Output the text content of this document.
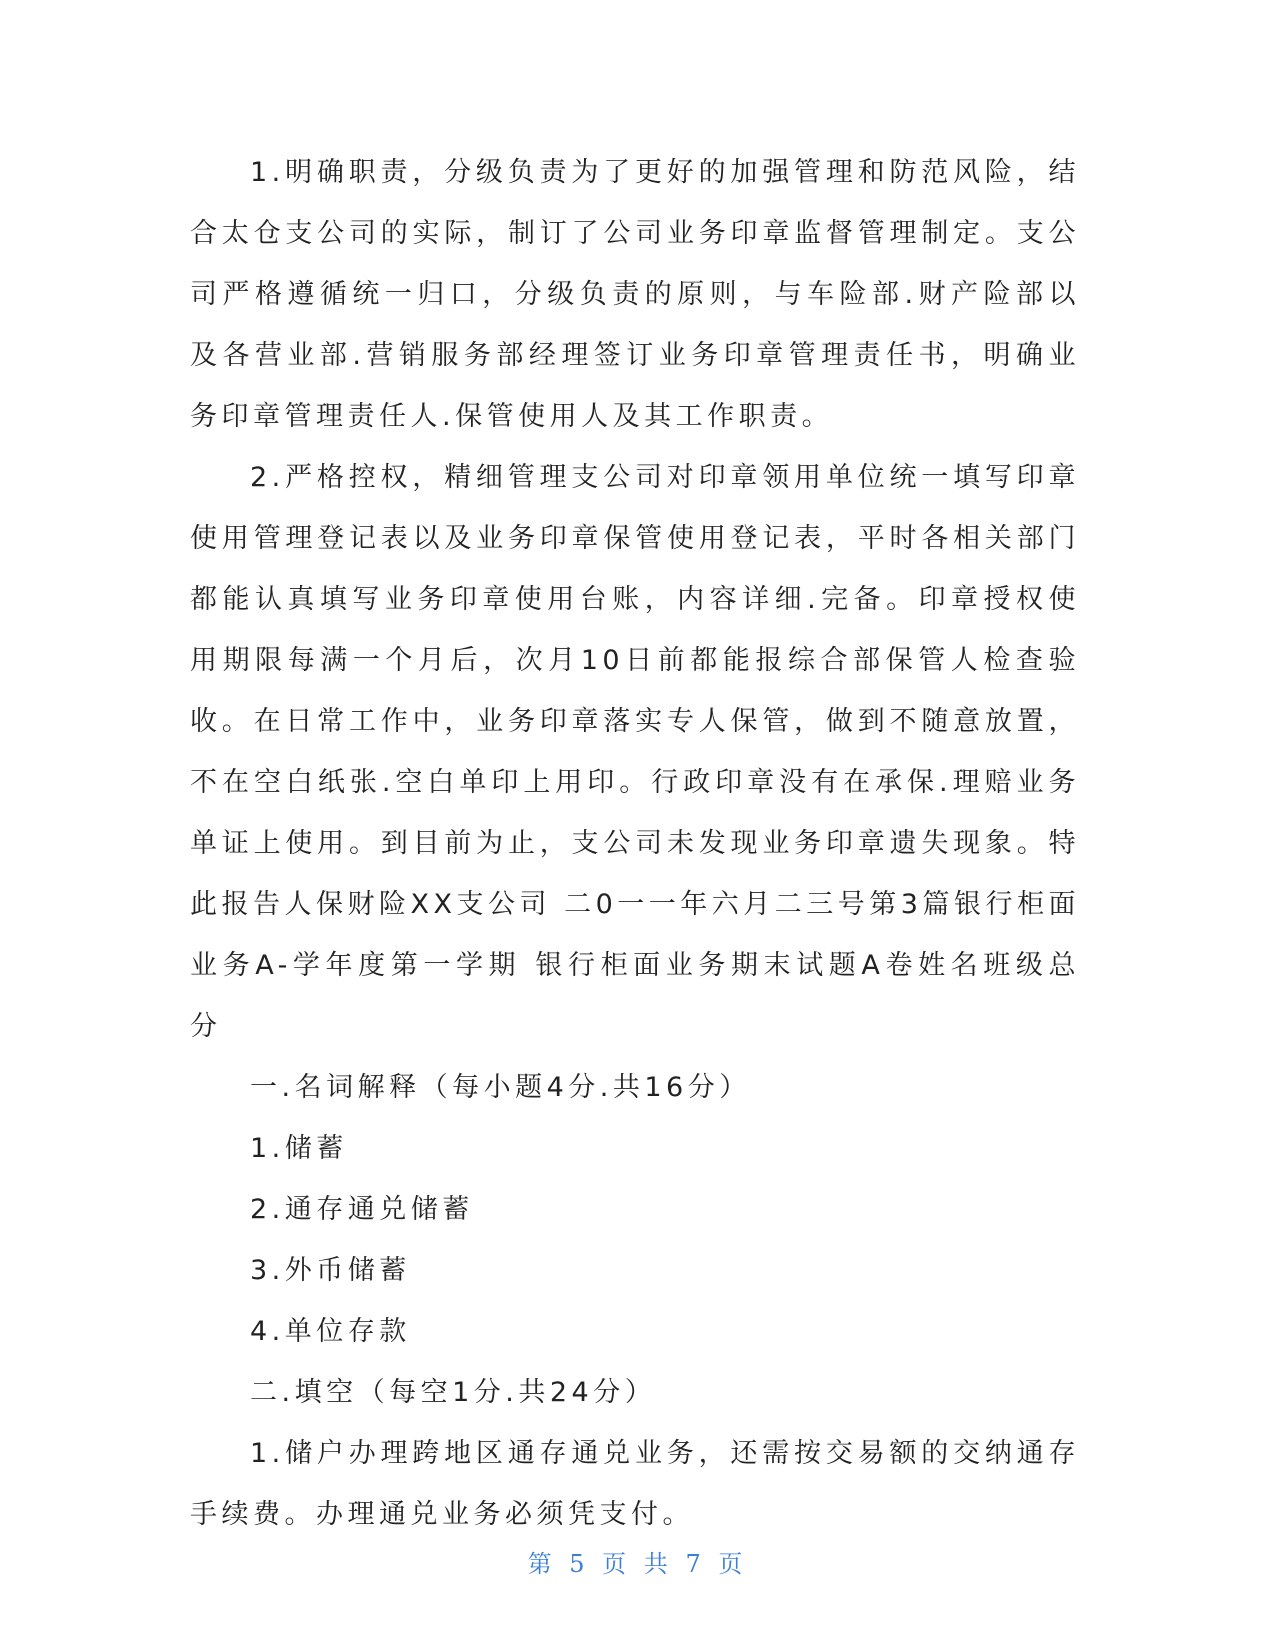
1.明确职责，分级负责为了更好的加强管理和防范风险，结合太仓支公司的实际，制订了公司业务印章监督管理制定。支公司严格遵循统一归口，分级负责的原则，与车险部.财产险部以及各营业部.营销服务部经理签订业务印章管理责任书，明确业务印章管理责任人.保管使用人及其工作职责。

2.严格控权，精细管理支公司对印章领用单位统一填写印章使用管理登记表以及业务印章保管使用登记表，平时各相关部门都能认真填写业务印章使用台账，内容详细.完备。印章授权使用期限每满一个月后，次月10日前都能报综合部保管人检查验收。在日常工作中，业务印章落实专人保管，做到不随意放置，不在空白纸张.空白单印上用印。行政印章没有在承保.理赔业务单证上使用。到目前为止，支公司未发现业务印章遗失现象。特此报告人保财险XX支公司 二0一一年六月二三号第3篇银行柜面业务A-学年度第一学期 银行柜面业务期末试题A卷姓名班级总分

一.名词解释（每小题4分.共16分）

1.储蓄

2.通存通兑储蓄

3.外币储蓄

4.单位存款

二.填空（每空1分.共24分）

1.储户办理跨地区通存通兑业务，还需按交易额的交纳通存手续费。办理通兑业务必须凭支付。

第 5 页 共 7 页
